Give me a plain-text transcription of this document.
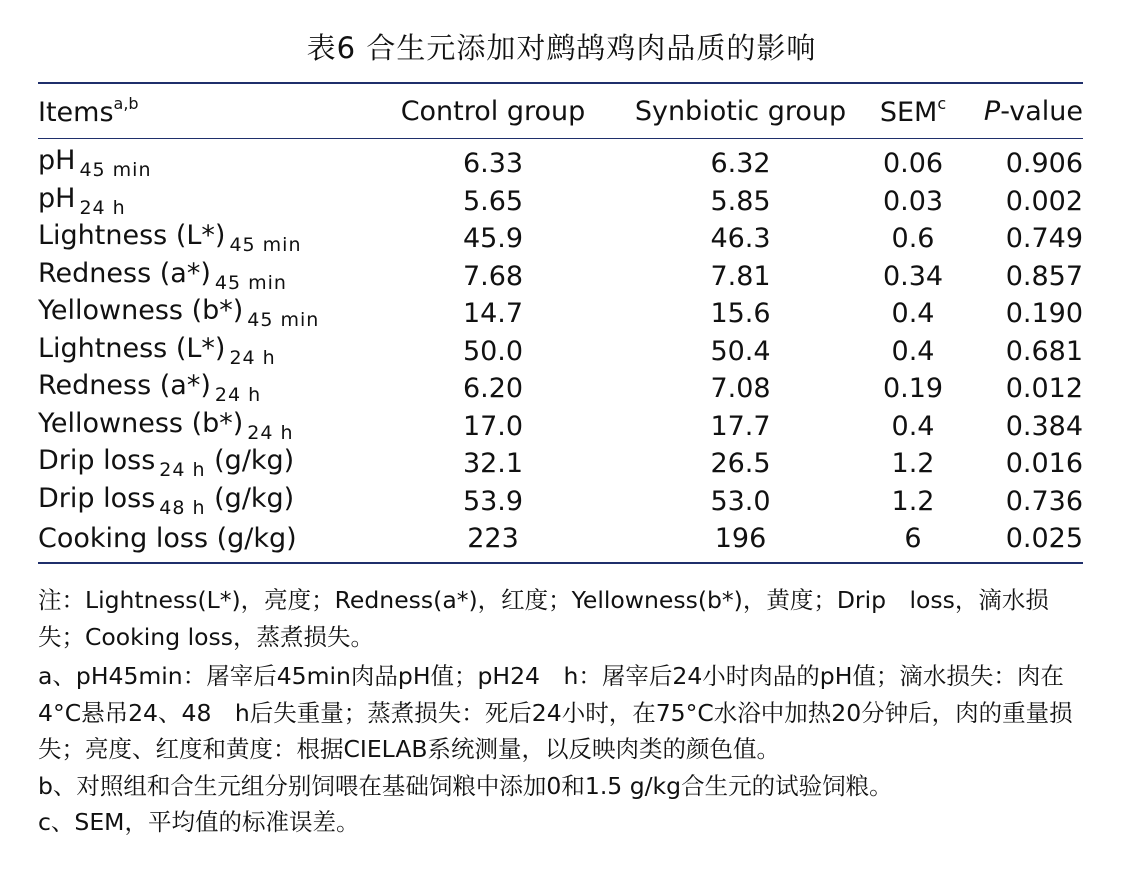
表6 合生元添加对鹧鸪鸡肉品质的影响
Items$^{a,b}$	Control group	Synbiotic group	SEM$^c$	P-value
pH $_{45 min}$	6.33	6.32	0.06	0.906
pH $_{24 h}$	5.65	5.85	0.03	0.002
Lightness (L*) $_{45 min}$	45.9	46.3	0.6	0.749
Redness (a*) $_{45 min}$	7.68	7.81	0.34	0.857
Yellowness (b*) $_{45 min}$	14.7	15.6	0.4	0.190
Lightness (L*) $_{24 h}$	50.0	50.4	0.4	0.681
Redness (a*) $_{24 h}$	6.20	7.08	0.19	0.012
Yellowness (b*) $_{24 h}$	17.0	17.7	0.4	0.384
Drip loss $_{24 h}$ (g/kg)	32.1	26.5	1.2	0.016
Drip loss $_{48 h}$ (g/kg)	53.9	53.0	1.2	0.736
Cooking loss (g/kg)	223	196	6	0.025

注：Lightness(L*)，亮度；Redness(a*)，红度；Yellowness(b*)，黄度；Drip　loss，滴水损失；Cooking loss，蒸煮损失。

a、pH45min：屠宰后45min肉品pH值；pH24　h：屠宰后24小时肉品的pH值；滴水损失：肉在4°C悬吊24、48　h后失重量；蒸煮损失：死后24小时，在75°C水浴中加热20分钟后，肉的重量损失；亮度、红度和黄度：根据CIELAB系统测量，以反映肉类的颜色值。

b、对照组和合生元组分别饲喂在基础饲粮中添加0和1.5 g/kg合生元的试验饲粮。

c、SEM，平均值的标准误差。
